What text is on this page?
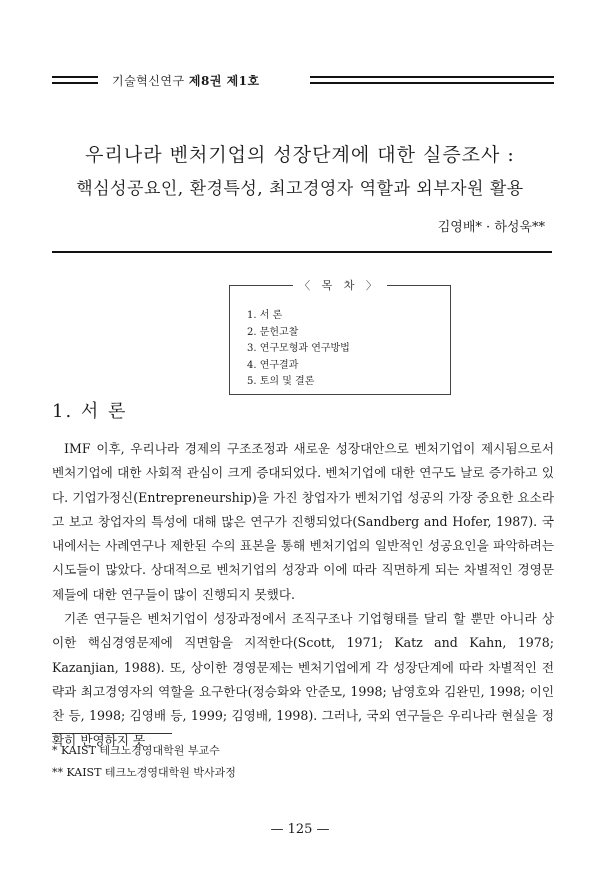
기술혁신연구 제8권 제1호
우리나라 벤처기업의 성장단계에 대한 실증조사 :
핵심성공요인, 환경특성, 최고경영자 역할과 외부자원 활용
김영배* · 하성욱**
〈 목 차 〉
1. 서 론
2. 문헌고찰
3. 연구모형과 연구방법
4. 연구결과
5. 토의 및 결론
1. 서 론

IMF 이후, 우리나라 경제의 구조조정과 새로운 성장대안으로 벤처기업이 제시됨으로서 벤처기업에 대한 사회적 관심이 크게 증대되었다. 벤처기업에 대한 연구도 날로 증가하고 있다. 기업가정신(Entrepreneurship)을 가진 창업자가 벤처기업 성공의 가장 중요한 요소라고 보고 창업자의 특성에 대해 많은 연구가 진행되었다(Sandberg and Hofer, 1987). 국내에서는 사례연구나 제한된 수의 표본을 통해 벤처기업의 일반적인 성공요인을 파악하려는 시도들이 많았다. 상대적으로 벤처기업의 성장과 이에 따라 직면하게 되는 차별적인 경영문제들에 대한 연구들이 많이 진행되지 못했다.

기존 연구들은 벤처기업이 성장과정에서 조직구조나 기업형태를 달리 할 뿐만 아니라 상이한 핵심경영문제에 직면함을 지적한다(Scott, 1971; Katz and Kahn, 1978; Kazanjian, 1988). 또, 상이한 경영문제는 벤처기업에게 각 성장단계에 따라 차별적인 전략과 최고경영자의 역할을 요구한다(정승화와 안준모, 1998; 남영호와 김완민, 1998; 이인찬 등, 1998; 김영배 등, 1999; 김영배, 1998). 그러나, 국외 연구들은 우리나라 현실을 정확히 반영하지 못

* KAIST 테크노경영대학원 부교수
** KAIST 테크노경영대학원 박사과정
— 125 —
